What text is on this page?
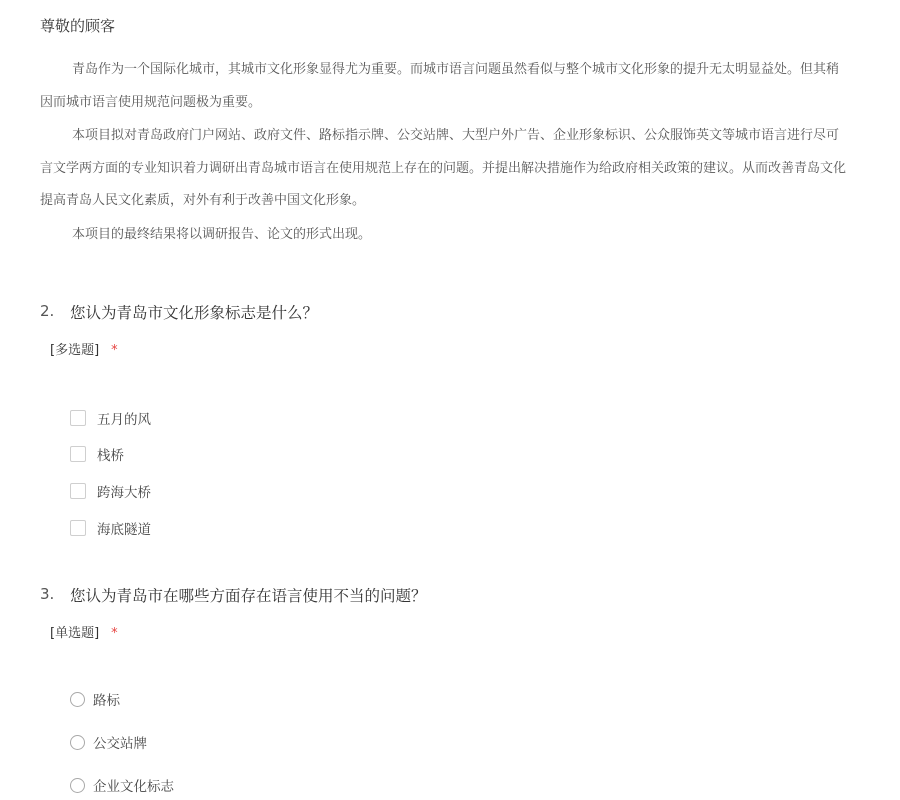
尊敬的顾客
青岛作为一个国际化城市，其城市文化形象显得尤为重要。而城市语言问题虽然看似与整个城市文化形象的提升无太明显益处。但其稍
因而城市语言使用规范问题极为重要。
本项目拟对青岛政府门户网站、政府文件、路标指示牌、公交站牌、大型户外广告、企业形象标识、公众服饰英文等城市语言进行尽可
言文学两方面的专业知识着力调研出青岛城市语言在使用规范上存在的问题。并提出解决措施作为给政府相关政策的建议。从而改善青岛文化
提高青岛人民文化素质，对外有利于改善中国文化形象。
本项目的最终结果将以调研报告、论文的形式出现。
2. 您认为青岛市文化形象标志是什么？
[多选题] *
五月的风
栈桥
跨海大桥
海底隧道
3. 您认为青岛市在哪些方面存在语言使用不当的问题？
[单选题] *
路标
公交站牌
企业文化标志
